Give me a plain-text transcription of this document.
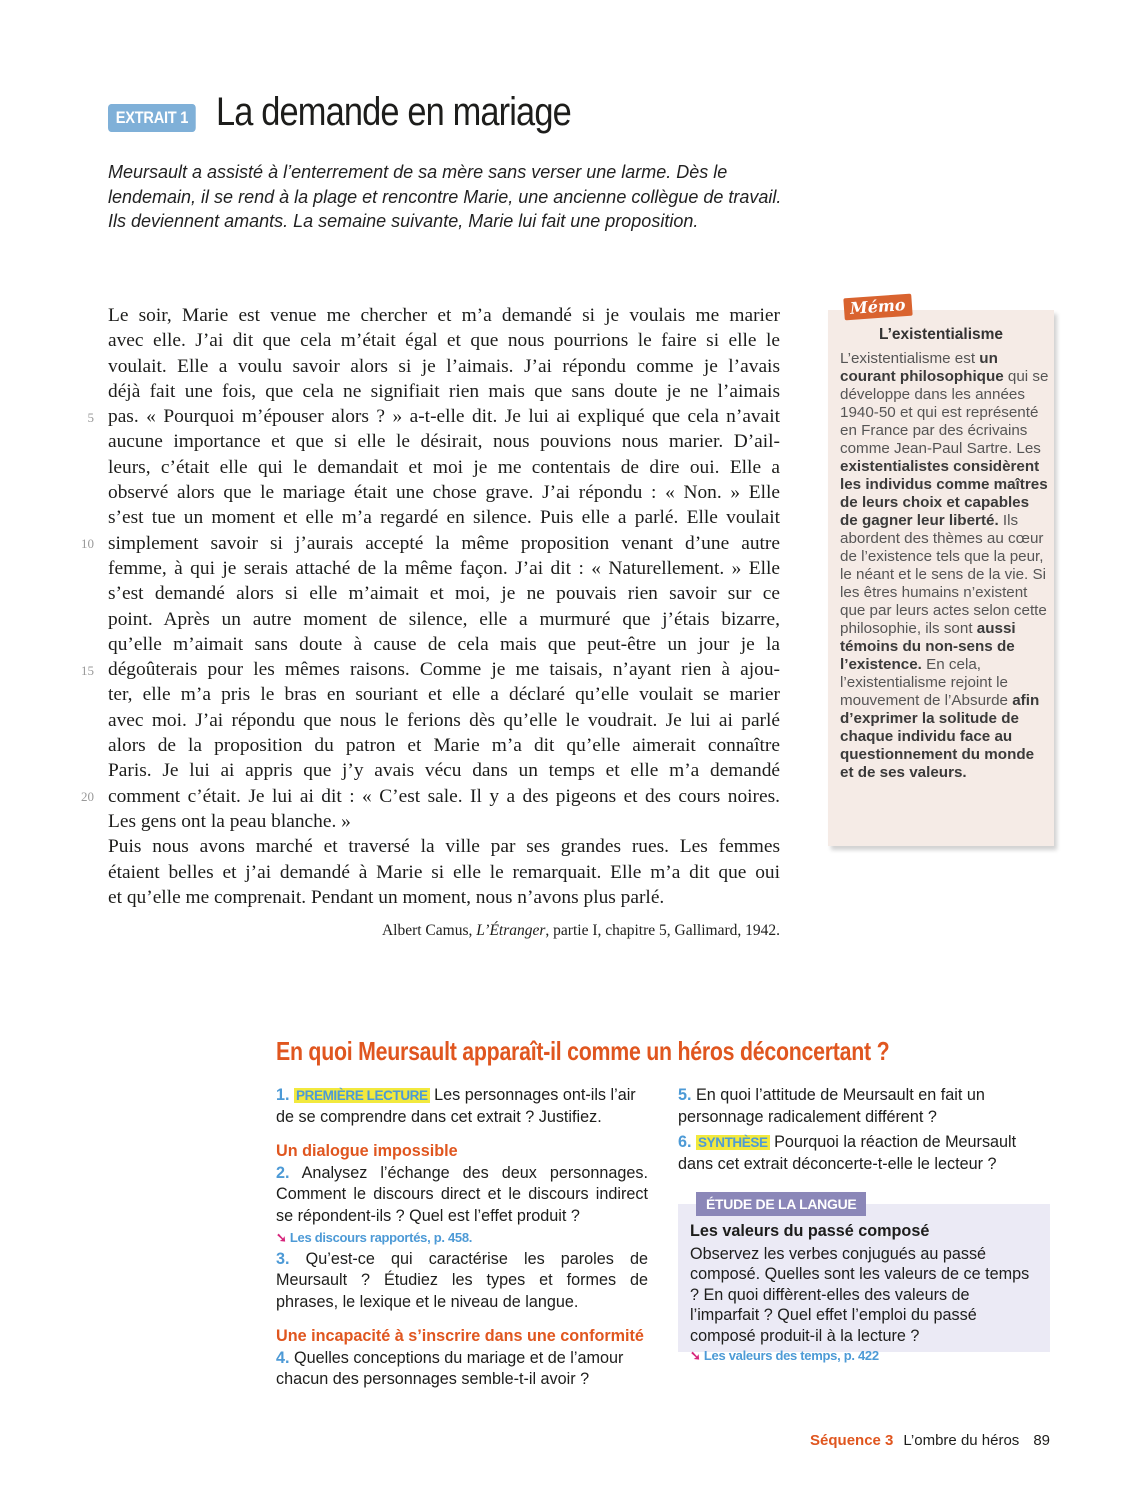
EXTRAIT 1 La demande en mariage
Meursault a assisté à l’enterrement de sa mère sans verser une larme. Dès le lendemain, il se rend à la plage et rencontre Marie, une ancienne collègue de travail. Ils deviennent amants. La semaine suivante, Marie lui fait une proposition.
Le soir, Marie est venue me chercher et m’a demandé si je voulais me marier
avec elle. J’ai dit que cela m’était égal et que nous pourrions le faire si elle le
voulait. Elle a voulu savoir alors si je l’aimais. J’ai répondu comme je l’avais
déjà fait une fois, que cela ne signifiait rien mais que sans doute je ne l’aimais
pas. « Pourquoi m’épouser alors ? » a-t-elle dit. Je lui ai expliqué que cela n’avait
aucune importance et que si elle le désirait, nous pouvions nous marier. D’ail-
leurs, c’était elle qui le demandait et moi je me contentais de dire oui. Elle a
observé alors que le mariage était une chose grave. J’ai répondu : « Non. » Elle
s’est tue un moment et elle m’a regardé en silence. Puis elle a parlé. Elle voulait
simplement savoir si j’aurais accepté la même proposition venant d’une autre
femme, à qui je serais attaché de la même façon. J’ai dit : « Naturellement. » Elle
s’est demandé alors si elle m’aimait et moi, je ne pouvais rien savoir sur ce
point. Après un autre moment de silence, elle a murmuré que j’étais bizarre,
qu’elle m’aimait sans doute à cause de cela mais que peut-être un jour je la
dégoûterais pour les mêmes raisons. Comme je me taisais, n’ayant rien à ajou-
ter, elle m’a pris le bras en souriant et elle a déclaré qu’elle voulait se marier
avec moi. J’ai répondu que nous le ferions dès qu’elle le voudrait. Je lui ai parlé
alors de la proposition du patron et Marie m’a dit qu’elle aimerait connaître
Paris. Je lui ai appris que j’y avais vécu dans un temps et elle m’a demandé
comment c’était. Je lui ai dit : « C’est sale. Il y a des pigeons et des cours noires.
Les gens ont la peau blanche. »
Puis nous avons marché et traversé la ville par ses grandes rues. Les femmes
étaient belles et j’ai demandé à Marie si elle le remarquait. Elle m’a dit que oui
et qu’elle me comprenait. Pendant un moment, nous n’avons plus parlé.
5
10
15
20
Albert Camus, L’Étranger, partie I, chapitre 5, Gallimard, 1942.
Mémo
L’existentialisme
L’existentialisme est un courant philosophique qui se développe dans les années 1940-50 et qui est représenté en France par des écrivains comme Jean-Paul Sartre. Les existentialistes considèrent les individus comme maîtres de leurs choix et capables de gagner leur liberté. Ils abordent des thèmes au cœur de l’existence tels que la peur, le néant et le sens de la vie. Si les êtres humains n’existent que par leurs actes selon cette philosophie, ils sont aussi témoins du non-sens de l’existence. En cela, l’existentialisme rejoint le mouvement de l’Absurde afin d’exprimer la solitude de chaque individu face au questionnement du monde et de ses valeurs.
En quoi Meursault apparaît-il comme un héros déconcertant ?
1. PREMIÈRE LECTURE Les personnages ont-ils l’air de se comprendre dans cet extrait ? Justifiez.
Un dialogue impossible
2. Analysez l’échange des deux personnages. Comment le discours direct et le discours indirect se répondent-ils ? Quel est l’effet produit ?
➘ Les discours rapportés, p. 458.
3. Qu’est-ce qui caractérise les paroles de Meursault ? Étudiez les types et formes de phrases, le lexique et le niveau de langue.
Une incapacité à s’inscrire dans une conformité
4. Quelles conceptions du mariage et de l’amour chacun des personnages semble-t-il avoir ?
5. En quoi l’attitude de Meursault en fait un personnage radicalement différent ?
6. SYNTHÈSE Pourquoi la réaction de Meursault dans cet extrait déconcerte-t-elle le lecteur ?
ÉTUDE DE LA LANGUE
Les valeurs du passé composé
Observez les verbes conjugués au passé composé. Quelles sont les valeurs de ce temps ? En quoi diffèrent-elles des valeurs de l’imparfait ? Quel effet l’emploi du passé composé produit-il à la lecture ?
➘ Les valeurs des temps, p. 422
Séquence 3 L’ombre du héros 89
